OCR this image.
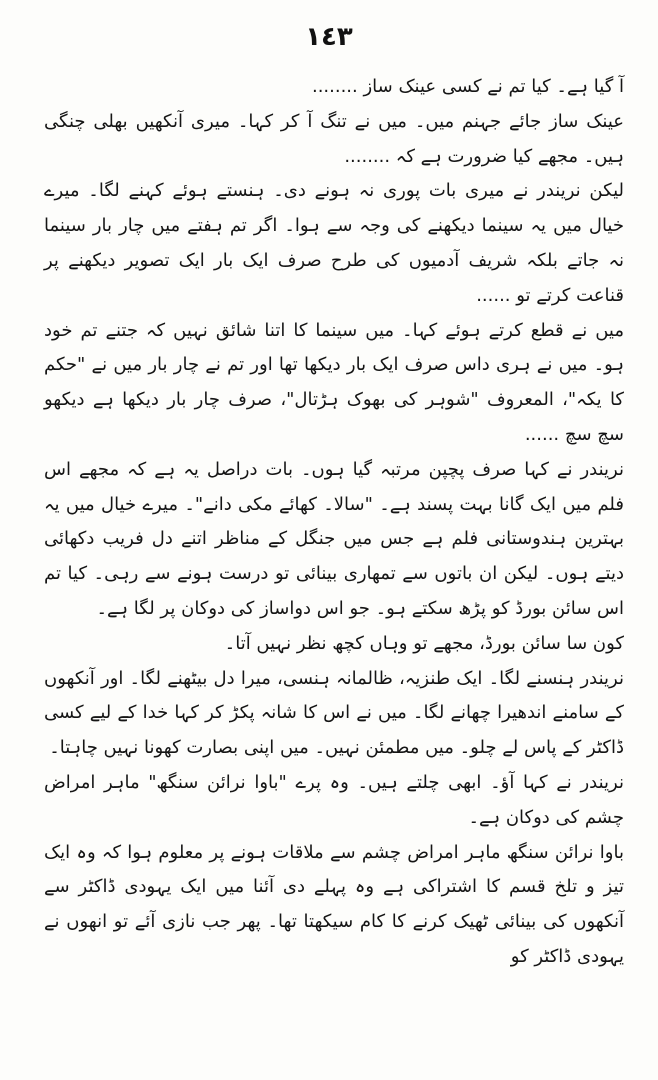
١٤٣

آ گیا ہے۔ کیا تم نے کسی عینک ساز ........

عینک ساز جائے جہنم میں۔ میں نے تنگ آ کر کہا۔ میری آنکھیں بھلی چنگی ہیں۔ مجھے کیا ضرورت ہے کہ ........

لیکن نریندر نے میری بات پوری نہ ہونے دی۔ ہنستے ہوئے کہنے لگا۔ میرے خیال میں یہ سینما دیکھنے کی وجہ سے ہوا۔ اگر تم ہفتے میں چار بار سینما نہ جاتے بلکہ شریف آدمیوں کی طرح صرف ایک بار ایک تصویر دیکھنے پر قناعت کرتے تو ......

میں نے قطع کرتے ہوئے کہا۔ میں سینما کا اتنا شائق نہیں کہ جتنے تم خود ہو۔ میں نے ہری داس صرف ایک بار دیکھا تھا اور تم نے چار بار میں نے "حکم کا یکہ"، المعروف "شوہر کی بھوک ہڑتال"، صرف چار بار دیکھا ہے دیکھو سچ سچ ......

نریندر نے کہا صرف پچپن مرتبہ گیا ہوں۔ بات دراصل یہ ہے کہ مجھے اس فلم میں ایک گانا بہت پسند ہے۔ "سالا۔ کھائے مکی دانے"۔ میرے خیال میں یہ بہترین ہندوستانی فلم ہے جس میں جنگل کے مناظر اتنے دل فریب دکھائی دیتے ہوں۔ لیکن ان باتوں سے تمھاری بینائی تو درست ہونے سے رہی۔ کیا تم اس سائن بورڈ کو پڑھ سکتے ہو۔ جو اس دواساز کی دوکان پر لگا ہے۔

کون سا سائن بورڈ، مجھے تو وہاں کچھ نظر نہیں آتا۔

نریندر ہنسنے لگا۔ ایک طنزیہ، ظالمانہ ہنسی، میرا دل بیٹھنے لگا۔ اور آنکھوں کے سامنے اندھیرا چھانے لگا۔ میں نے اس کا شانہ پکڑ کر کہا خدا کے لیے کسی ڈاکٹر کے پاس لے چلو۔ میں مطمئن نہیں۔ میں اپنی بصارت کھونا نہیں چاہتا۔

نریندر نے کہا آؤ۔ ابھی چلتے ہیں۔ وہ پرے "باوا نرائن سنگھ" ماہر امراض چشم کی دوکان ہے۔

باوا نرائن سنگھ ماہر امراض چشم سے ملاقات ہونے پر معلوم ہوا کہ وہ ایک تیز و تلخ قسم کا اشتراکی ہے وہ پہلے دی آئنا میں ایک یہودی ڈاکٹر سے آنکھوں کی بینائی ٹھیک کرنے کا کام سیکھتا تھا۔ پھر جب نازی آئے تو انھوں نے یہودی ڈاکٹر کو
